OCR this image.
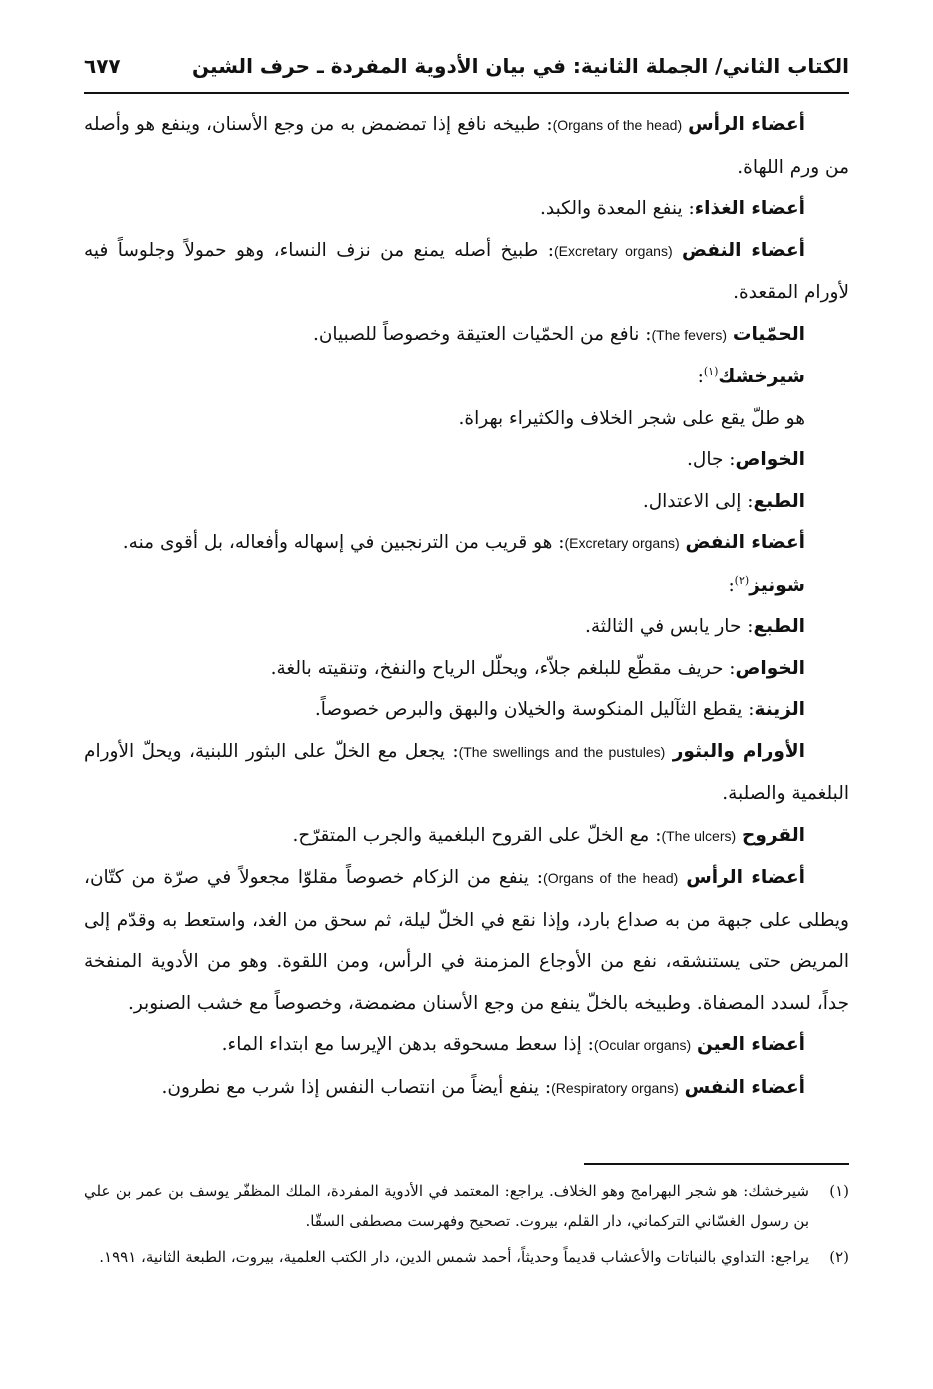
الكتاب الثاني/ الجملة الثانية: في بيان الأدوية المفردة ـ حرف الشين
٦٧٧

أعضاء الرأس (Organs of the head): طبيخه نافع إذا تمضمض به من وجع الأسنان، وينفع هو وأصله من ورم اللهاة.

أعضاء الغذاء: ينفع المعدة والكبد.

أعضاء النفض (Excretary organs): طبيخ أصله يمنع من نزف النساء، وهو حمولاً وجلوساً فيه لأورام المقعدة.

الحمّيات (The fevers): نافع من الحمّيات العتيقة وخصوصاً للصبيان.

شيرخشك$^{(١)}$:

هو طلّ يقع على شجر الخلاف والكثيراء بهراة.

الخواص: جال.

الطبع: إلى الاعتدال.

أعضاء النفض (Excretary organs): هو قريب من الترنجبين في إسهاله وأفعاله، بل أقوى منه.

شونيز$^{(٢)}$:

الطبع: حار يابس في الثالثة.

الخواص: حريف مقطّع للبلغم جلاّء، ويحلّل الرياح والنفخ، وتنقيته بالغة.

الزينة: يقطع الثآليل المنكوسة والخيلان والبهق والبرص خصوصاً.

الأورام والبثور (The swellings and the pustules): يجعل مع الخلّ على البثور اللبنية، ويحلّ الأورام البلغمية والصلبة.

القروح (The ulcers): مع الخلّ على القروح البلغمية والجرب المتقرّح.

أعضاء الرأس (Organs of the head): ينفع من الزكام خصوصاً مقلوّا مجعولاً في صرّة من كتّان، ويطلى على جبهة من به صداع بارد، وإذا نقع في الخلّ ليلة، ثم سحق من الغد، واستعط به وقدّم إلى المريض حتى يستنشقه، نفع من الأوجاع المزمنة في الرأس، ومن اللقوة. وهو من الأدوية المنفخة جداً، لسدد المصفاة. وطبيخه بالخلّ ينفع من وجع الأسنان مضمضة، وخصوصاً مع خشب الصنوبر.

أعضاء العين (Ocular organs): إذا سعط مسحوقه بدهن الإيرسا مع ابتداء الماء.

أعضاء النفس (Respiratory organs): ينفع أيضاً من انتصاب النفس إذا شرب مع نطرون.

(١)
شيرخشك: هو شجر البهرامج وهو الخلاف. يراجع: المعتمد في الأدوية المفردة، الملك المظفّر يوسف بن عمر بن علي بن رسول الغسّاني التركماني، دار القلم، بيروت. تصحيح وفهرست مصطفى السقّا.
(٢)
يراجع: التداوي بالنباتات والأعشاب قديماً وحديثاً، أحمد شمس الدين، دار الكتب العلمية، بيروت، الطبعة الثانية، ١٩٩١.
